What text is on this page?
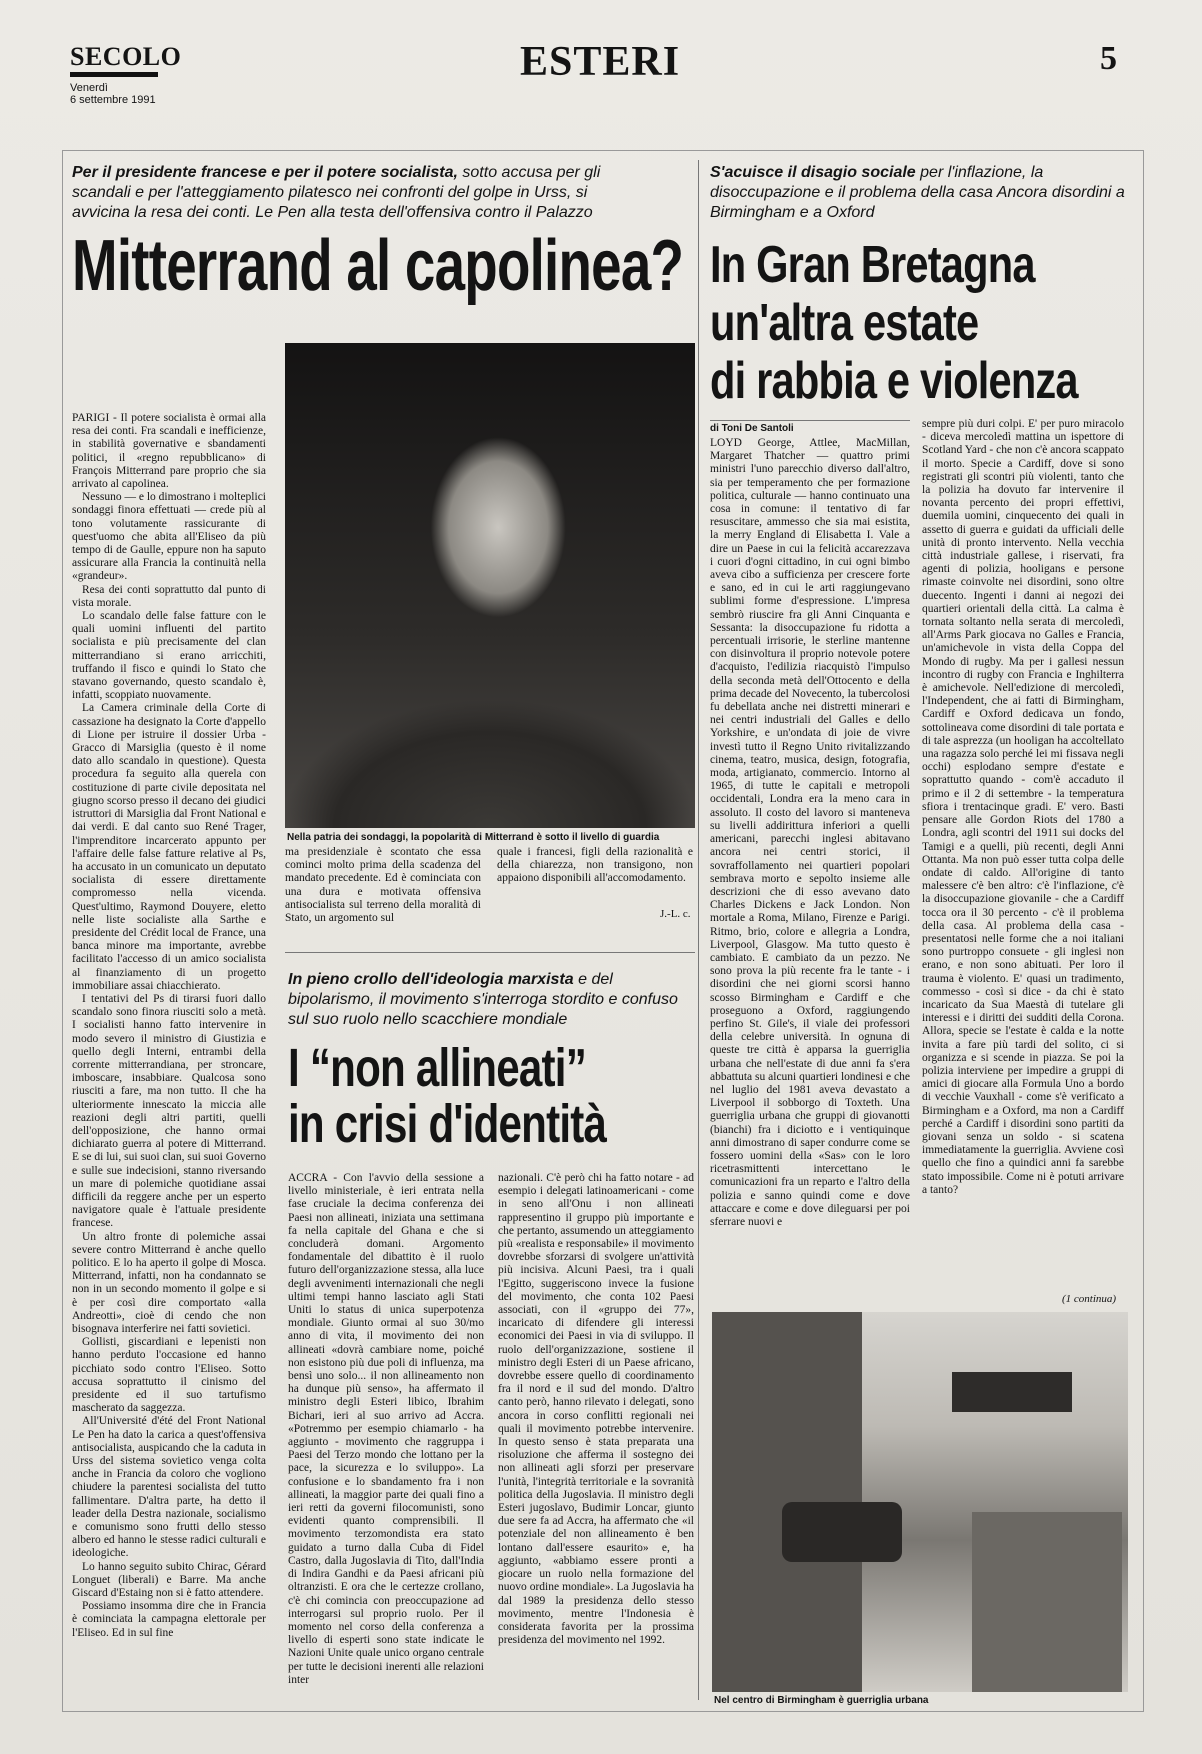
SECOLO
Venerdì
6 settembre 1991
ESTERI	5
Per il presidente francese e per il potere socialista, sotto accusa per gli scandali e per l'atteggiamento pilatesco nei confronti del golpe in Urss, si avvicina la resa dei conti. Le Pen alla testa dell'offensiva contro il Palazzo
Mitterrand al capolinea?

PARIGI - Il potere socialista è ormai alla resa dei conti. Fra scandali e inefficienze, in stabilità governative e sbandamenti politici, il «regno repubblicano» di François Mitterrand pare proprio che sia arrivato al capolinea.

Nessuno — e lo dimostrano i molteplici sondaggi finora effettuati — crede più al tono volutamente rassicurante di quest'uomo che abita all'Eliseo da più tempo di de Gaulle, eppure non ha saputo assicurare alla Francia la continuità nella «grandeur».

Resa dei conti soprattutto dal punto di vista morale.

Lo scandalo delle false fatture con le quali uomini influenti del partito socialista e più precisamente del clan mitterrandiano si erano arricchiti, truffando il fisco e quindi lo Stato che stavano governando, questo scandalo è, infatti, scoppiato nuovamente.

La Camera criminale della Corte di cassazione ha designato la Corte d'appello di Lione per istruire il dossier Urba - Gracco di Marsiglia (questo è il nome dato allo scandalo in questione). Questa procedura fa seguito alla querela con costituzione di parte civile depositata nel giugno scorso presso il decano dei giudici istruttori di Marsiglia dal Front National e dai verdi. E dal canto suo René Trager, l'imprenditore incarcerato appunto per l'affaire delle false fatture relative al Ps, ha accusato in un comunicato un deputato socialista di essere direttamente compromesso nella vicenda. Quest'ultimo, Raymond Douyere, eletto nelle liste socialiste alla Sarthe e presidente del Crédit local de France, una banca minore ma importante, avrebbe facilitato l'accesso di un amico socialista al finanziamento di un progetto immobiliare assai chiacchierato.

I tentativi del Ps di tirarsi fuori dallo scandalo sono finora riusciti solo a metà. I socialisti hanno fatto intervenire in modo severo il ministro di Giustizia e quello degli Interni, entrambi della corrente mitterrandiana, per stroncare, imboscare, insabbiare. Qualcosa sono riusciti a fare, ma non tutto. Il che ha ulteriormente innescato la miccia alle reazioni degli altri partiti, quelli dell'opposizione, che hanno ormai dichiarato guerra al potere di Mitterrand. E se di lui, sui suoi clan, sui suoi Governo e sulle sue indecisioni, stanno riversando un mare di polemiche quotidiane assai difficili da reggere anche per un esperto navigatore quale è l'attuale presidente francese.

Un altro fronte di polemiche assai severe contro Mitterrand è anche quello politico. E lo ha aperto il golpe di Mosca. Mitterrand, infatti, non ha condannato se non in un secondo momento il golpe e si è per così dire comportato «alla Andreotti», cioè di cendo che non bisognava interferire nei fatti sovietici.

Gollisti, giscardiani e lepenisti non hanno perduto l'occasione ed hanno picchiato sodo contro l'Eliseo. Sotto accusa soprattutto il cinismo del presidente ed il suo tartufismo mascherato da saggezza.

All'Université d'été del Front National Le Pen ha dato la carica a quest'offensiva antisocialista, auspicando che la caduta in Urss del sistema sovietico venga colta anche in Francia da coloro che vogliono chiudere la parentesi socialista del tutto fallimentare. D'altra parte, ha detto il leader della Destra nazionale, socialismo e comunismo sono frutti dello stesso albero ed hanno le stesse radici culturali e ideologiche.

Lo hanno seguito subito Chirac, Gérard Longuet (liberali) e Barre. Ma anche Giscard d'Estaing non si è fatto attendere.

Possiamo insomma dire che in Francia è cominciata la campagna elettorale per l'Eliseo. Ed in sul fine

Nella patria dei sondaggi, la popolarità di Mitterrand è sotto il livello di guardia

ma presidenziale è scontato che essa cominci molto prima della scadenza del mandato precedente. Ed è cominciata con una dura e motivata offensiva antisocialista sul terreno della moralità di Stato, un argomento sul

quale i francesi, figli della razionalità e della chiarezza, non transigono, non appaiono disponibili all'accomodamento.

J.-L. c.
In pieno crollo dell'ideologia marxista e del bipolarismo, il movimento s'interroga stordito e confuso sul suo ruolo nello scacchiere mondiale
I “non allineati”
in crisi d'identità

ACCRA - Con l'avvio della sessione a livello ministeriale, è ieri entrata nella fase cruciale la decima conferenza dei Paesi non allineati, iniziata una settimana fa nella capitale del Ghana e che si concluderà domani. Argomento fondamentale del dibattito è il ruolo futuro dell'organizzazione stessa, alla luce degli avvenimenti internazionali che negli ultimi tempi hanno lasciato agli Stati Uniti lo status di unica superpotenza mondiale. Giunto ormai al suo 30/mo anno di vita, il movimento dei non allineati «dovrà cambiare nome, poiché non esistono più due poli di influenza, ma bensì uno solo... il non allineamento non ha dunque più senso», ha affermato il ministro degli Esteri libico, Ibrahim Bichari, ieri al suo arrivo ad Accra. «Potremmo per esempio chiamarlo - ha aggiunto - movimento che raggruppa i Paesi del Terzo mondo che lottano per la pace, la sicurezza e lo sviluppo». La confusione e lo sbandamento fra i non allineati, la maggior parte dei quali fino a ieri retti da governi filocomunisti, sono evidenti quanto comprensibili. Il movimento terzomondista era stato guidato a turno dalla Cuba di Fidel Castro, dalla Jugoslavia di Tito, dall'India di Indira Gandhi e da Paesi africani più oltranzisti. E ora che le certezze crollano, c'è chi comincia con preoccupazione ad interrogarsi sul proprio ruolo. Per il momento nel corso della conferenza a livello di esperti sono state indicate le Nazioni Unite quale unico organo centrale per tutte le decisioni inerenti alle relazioni inter

nazionali. C'è però chi ha fatto notare - ad esempio i delegati latinoamericani - come in seno all'Onu i non allineati rappresentino il gruppo più importante e che pertanto, assumendo un atteggiamento più «realista e responsabile» il movimento dovrebbe sforzarsi di svolgere un'attività più incisiva. Alcuni Paesi, tra i quali l'Egitto, suggeriscono invece la fusione del movimento, che conta 102 Paesi associati, con il «gruppo dei 77», incaricato di difendere gli interessi economici dei Paesi in via di sviluppo. Il ruolo dell'organizzazione, sostiene il ministro degli Esteri di un Paese africano, dovrebbe essere quello di coordinamento fra il nord e il sud del mondo. D'altro canto però, hanno rilevato i delegati, sono ancora in corso conflitti regionali nei quali il movimento potrebbe intervenire. In questo senso è stata preparata una risoluzione che afferma il sostegno dei non allineati agli sforzi per preservare l'unità, l'integrità territoriale e la sovranità politica della Jugoslavia. Il ministro degli Esteri jugoslavo, Budimir Loncar, giunto due sere fa ad Accra, ha affermato che «il potenziale del non allineamento è ben lontano dall'essere esaurito» e, ha aggiunto, «abbiamo essere pronti a giocare un ruolo nella formazione del nuovo ordine mondiale». La Jugoslavia ha dal 1989 la presidenza dello stesso movimento, mentre l'Indonesia è considerata favorita per la prossima presidenza del movimento nel 1992.

S'acuisce il disagio sociale per l'inflazione, la disoccupazione e il problema della casa Ancora disordini a Birmingham e a Oxford
In Gran Bretagna
un'altra estate
di rabbia e violenza
di Toni De Santoli

LOYD George, Attlee, MacMillan, Margaret Thatcher — quattro primi ministri l'uno parecchio diverso dall'altro, sia per temperamento che per formazione politica, culturale — hanno continuato una cosa in comune: il tentativo di far resuscitare, ammesso che sia mai esistita, la merry England di Elisabetta I. Vale a dire un Paese in cui la felicità accarezzava i cuori d'ogni cittadino, in cui ogni bimbo aveva cibo a sufficienza per crescere forte e sano, ed in cui le arti raggiungevano sublimi forme d'espressione. L'impresa sembrò riuscire fra gli Anni Cinquanta e Sessanta: la disoccupazione fu ridotta a percentuali irrisorie, le sterline mantenne con disinvoltura il proprio notevole potere d'acquisto, l'edilizia riacquistò l'impulso della seconda metà dell'Ottocento e della prima decade del Novecento, la tubercolosi fu debellata anche nei distretti minerari e nei centri industriali del Galles e dello Yorkshire, e un'ondata di joie de vivre investì tutto il Regno Unito rivitalizzando cinema, teatro, musica, design, fotografia, moda, artigianato, commercio. Intorno al 1965, di tutte le capitali e metropoli occidentali, Londra era la meno cara in assoluto. Il costo del lavoro si manteneva su livelli addirittura inferiori a quelli americani, parecchi inglesi abitavano ancora nei centri storici, il sovraffollamento nei quartieri popolari sembrava morto e sepolto insieme alle descrizioni che di esso avevano dato Charles Dickens e Jack London. Non mortale a Roma, Milano, Firenze e Parigi. Ritmo, brio, colore e allegria a Londra, Liverpool, Glasgow. Ma tutto questo è cambiato. E cambiato da un pezzo. Ne sono prova la più recente fra le tante - i disordini che nei giorni scorsi hanno scosso Birmingham e Cardiff e che proseguono a Oxford, raggiungendo perfino St. Gile's, il viale dei professori della celebre università. In ognuna di queste tre città è apparsa la guerriglia urbana che nell'estate di due anni fa s'era abbattuta su alcuni quartieri londinesi e che nel luglio del 1981 aveva devastato a Liverpool il sobborgo di Toxteth. Una guerriglia urbana che gruppi di giovanotti (bianchi) fra i diciotto e i ventiquinque anni dimostrano di saper condurre come se fossero uomini della «Sas» con le loro ricetrasmittenti intercettano le comunicazioni fra un reparto e l'altro della polizia e sanno quindi come e dove attaccare e come e dove dileguarsi per poi sferrare nuovi e

sempre più duri colpi. E' per puro miracolo - diceva mercoledì mattina un ispettore di Scotland Yard - che non c'è ancora scappato il morto. Specie a Cardiff, dove si sono registrati gli scontri più violenti, tanto che la polizia ha dovuto far intervenire il novanta percento dei propri effettivi, duemila uomini, cinquecento dei quali in assetto di guerra e guidati da ufficiali delle unità di pronto intervento. Nella vecchia città industriale gallese, i riservati, fra agenti di polizia, hooligans e persone rimaste coinvolte nei disordini, sono oltre duecento. Ingenti i danni ai negozi dei quartieri orientali della città. La calma è tornata soltanto nella serata di mercoledì, all'Arms Park giocava no Galles e Francia, un'amichevole in vista della Coppa del Mondo di rugby. Ma per i gallesi nessun incontro di rugby con Francia e Inghilterra è amichevole. Nell'edizione di mercoledì, l'Independent, che ai fatti di Birmingham, Cardiff e Oxford dedicava un fondo, sottolineava come disordini di tale portata e di tale asprezza (un hooligan ha accoltellato una ragazza solo perché lei mi fissava negli occhi) esplodano sempre d'estate e soprattutto quando - com'è accaduto il primo e il 2 di settembre - la temperatura sfiora i trentacinque gradi. E' vero. Basti pensare alle Gordon Riots del 1780 a Londra, agli scontri del 1911 sui docks del Tamigi e a quelli, più recenti, degli Anni Ottanta. Ma non può esser tutta colpa delle ondate di caldo. All'origine di tanto malessere c'è ben altro: c'è l'inflazione, c'è la disoccupazione giovanile - che a Cardiff tocca ora il 30 percento - c'è il problema della casa. Al problema della casa - presentatosi nelle forme che a noi italiani sono purtroppo consuete - gli inglesi non erano, e non sono abituati. Per loro il trauma è violento. E' quasi un tradimento, commesso - così si dice - da chi è stato incaricato da Sua Maestà di tutelare gli interessi e i diritti dei sudditi della Corona. Allora, specie se l'estate è calda e la notte invita a fare più tardi del solito, ci si organizza e si scende in piazza. Se poi la polizia interviene per impedire a gruppi di amici di giocare alla Formula Uno a bordo di vecchie Vauxhall - come s'è verificato a Birmingham e a Oxford, ma non a Cardiff perché a Cardiff i disordini sono partiti da giovani senza un soldo - si scatena immediatamente la guerriglia. Avviene così quello che fino a quindici anni fa sarebbe stato impossibile. Come ni è potuti arrivare a tanto?

(1 continua)
Nel centro di Birmingham è guerriglia urbana
